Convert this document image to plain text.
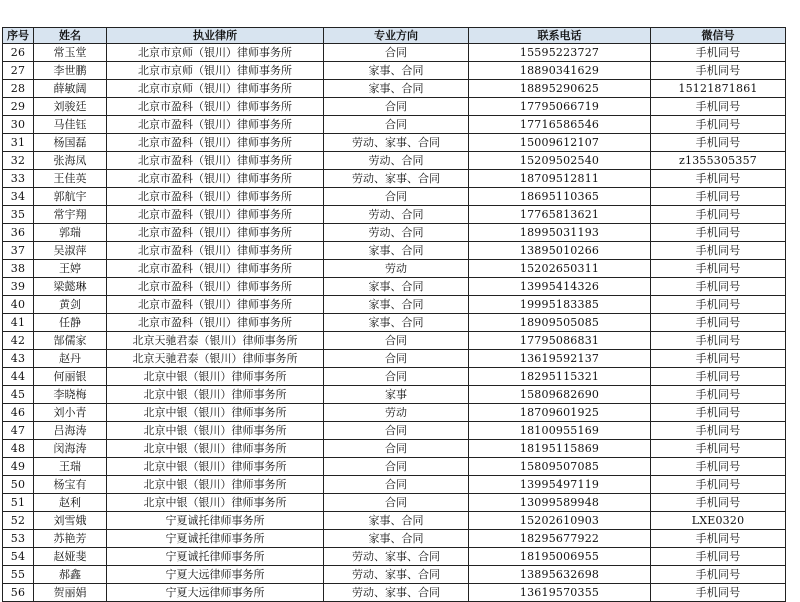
序号	姓名	执业律所	专业方向	联系电话	微信号
26	常玉堂	北京市京师（银川）律师事务所	合同	15595223727	手机同号
27	李世鹏	北京市京师（银川）律师事务所	家事、合同	18890341629	手机同号
28	薛敏阔	北京市京师（银川）律师事务所	家事、合同	18895290625	15121871861
29	刘骏廷	北京市盈科（银川）律师事务所	合同	17795066719	手机同号
30	马佳钰	北京市盈科（银川）律师事务所	合同	17716586546	手机同号
31	杨国磊	北京市盈科（银川）律师事务所	劳动、家事、合同	15009612107	手机同号
32	张海凤	北京市盈科（银川）律师事务所	劳动、合同	15209502540	z1355305357
33	王佳英	北京市盈科（银川）律师事务所	劳动、家事、合同	18709512811	手机同号
34	郭航宇	北京市盈科（银川）律师事务所	合同	18695110365	手机同号
35	常宇翔	北京市盈科（银川）律师事务所	劳动、合同	17765813621	手机同号
36	郭瑞	北京市盈科（银川）律师事务所	劳动、合同	18995031193	手机同号
37	吴淑萍	北京市盈科（银川）律师事务所	家事、合同	13895010266	手机同号
38	王婷	北京市盈科（银川）律师事务所	劳动	15202650311	手机同号
39	梁懿琳	北京市盈科（银川）律师事务所	家事、合同	13995414326	手机同号
40	黄剑	北京市盈科（银川）律师事务所	家事、合同	19995183385	手机同号
41	任静	北京市盈科（银川）律师事务所	家事、合同	18909505085	手机同号
42	郜儒家	北京天驰君泰（银川）律师事务所	合同	17795086831	手机同号
43	赵丹	北京天驰君泰（银川）律师事务所	合同	13619592137	手机同号
44	何丽银	北京中银（银川）律师事务所	合同	18295115321	手机同号
45	李晓梅	北京中银（银川）律师事务所	家事	15809682690	手机同号
46	刘小青	北京中银（银川）律师事务所	劳动	18709601925	手机同号
47	吕海涛	北京中银（银川）律师事务所	合同	18100955169	手机同号
48	闵海涛	北京中银（银川）律师事务所	合同	18195115869	手机同号
49	王瑞	北京中银（银川）律师事务所	合同	15809507085	手机同号
50	杨宝有	北京中银（银川）律师事务所	合同	13995497119	手机同号
51	赵利	北京中银（银川）律师事务所	合同	13099589948	手机同号
52	刘雪娥	宁夏诚托律师事务所	家事、合同	15202610903	LXE0320
53	苏艳芳	宁夏诚托律师事务所	家事、合同	18295677922	手机同号
54	赵娅斐	宁夏诚托律师事务所	劳动、家事、合同	18195006955	手机同号
55	郝鑫	宁夏大远律师事务所	劳动、家事、合同	13895632698	手机同号
56	贺丽娟	宁夏大远律师事务所	劳动、家事、合同	13619570355	手机同号
